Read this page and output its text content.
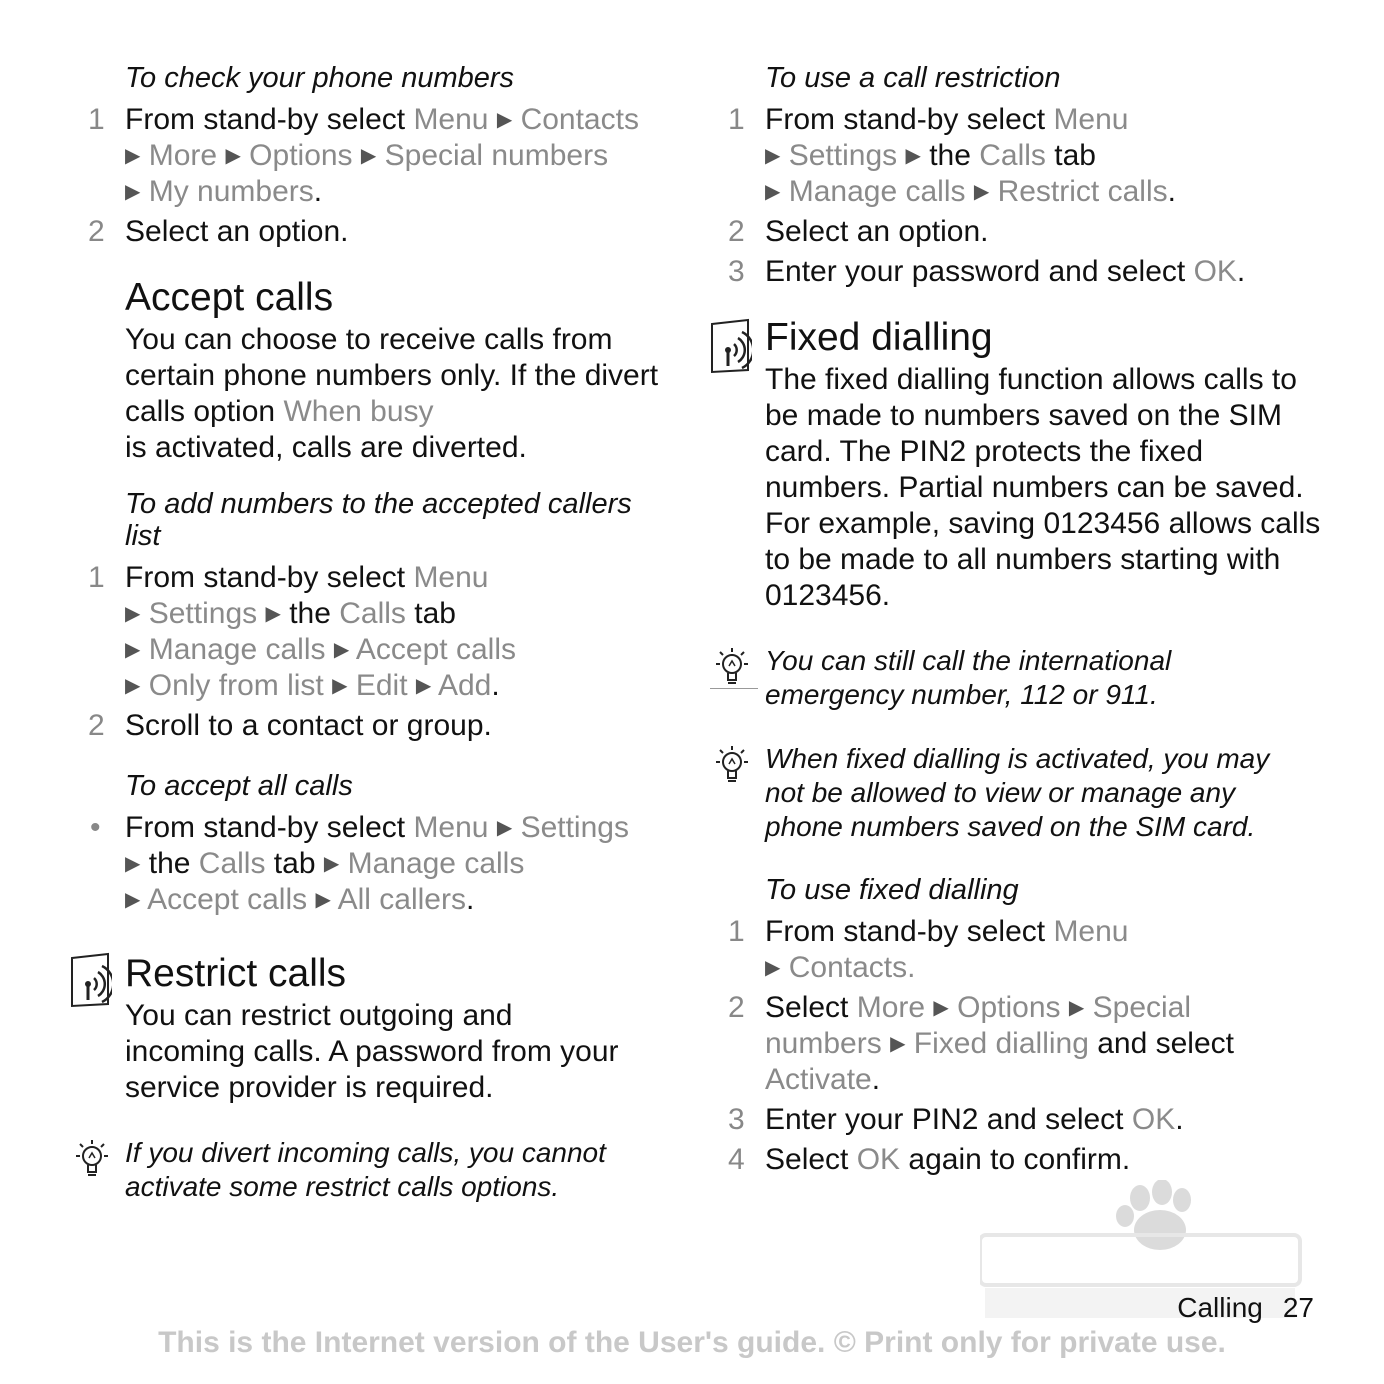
To check your phone numbers
1 From stand-by select Menu ▶ Contacts
▶ More ▶ Options ▶ Special numbers
▶ My numbers.
2 Select an option.
Accept calls
You can choose to receive calls from certain phone numbers only. If the divert calls option When busy
is activated, calls are diverted.
To add numbers to the accepted callers list
1 From stand-by select Menu
▶ Settings ▶ the Calls tab
▶ Manage calls ▶ Accept calls
▶ Only from list ▶ Edit ▶ Add.
2 Scroll to a contact or group.
To accept all calls
• From stand-by select Menu ▶ Settings
▶ the Calls tab ▶ Manage calls
▶ Accept calls ▶ All callers.
Restrict calls
You can restrict outgoing and incoming calls. A password from your service provider is required.
If you divert incoming calls, you cannot activate some restrict calls options.
To use a call restriction
1 From stand-by select Menu
▶ Settings ▶ the Calls tab
▶ Manage calls ▶ Restrict calls.
2 Select an option.
3 Enter your password and select OK.
Fixed dialling
The fixed dialling function allows calls to be made to numbers saved on the SIM card. The PIN2 protects the fixed numbers. Partial numbers can be saved. For example, saving 0123456 allows calls to be made to all numbers starting with 0123456.
You can still call the international emergency number, 112 or 911.
When fixed dialling is activated, you may not be allowed to view or manage any phone numbers saved on the SIM card.
To use fixed dialling
1 From stand-by select Menu
▶ Contacts.
2 Select More ▶ Options ▶ Special numbers ▶ Fixed dialling and select Activate.
3 Enter your PIN2 and select OK.
4 Select OK again to confirm.
Calling 27
This is the Internet version of the User's guide. © Print only for private use.
